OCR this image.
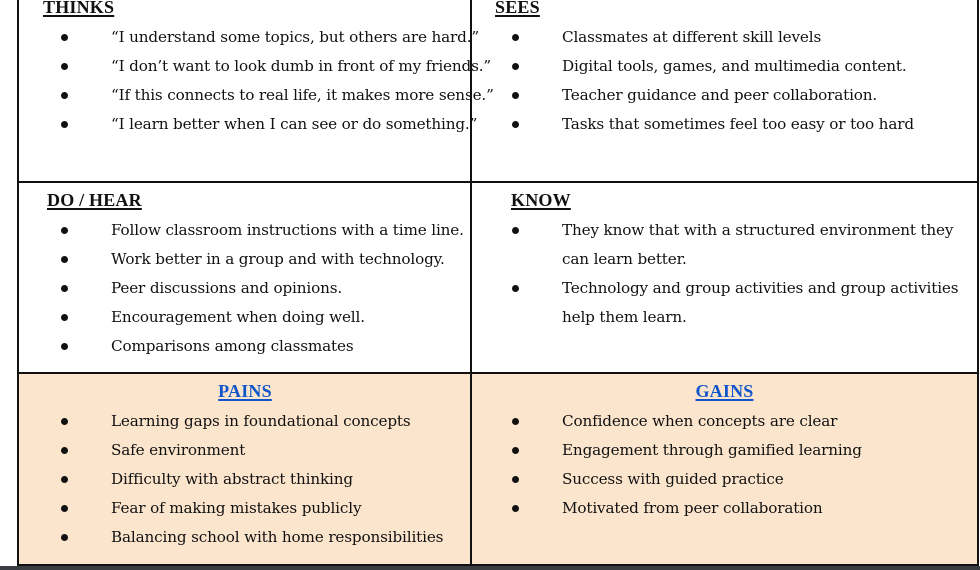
THINKS
“I understand some topics, but others are hard.”
“I don’t want to look dumb in front of my friends.”
“If this connects to real life, it makes more sense.”
“I learn better when I can see or do something.”
SEES
Classmates at different skill levels
Digital tools, games, and multimedia content.
Teacher guidance and peer collaboration.
Tasks that sometimes feel too easy or too hard
DO / HEAR
Follow classroom instructions with a time line.
Work better in a group and with technology.
Peer discussions and opinions.
Encouragement when doing well.
Comparisons among classmates
KNOW
They know that with a structured environment they can learn better.
Technology and group activities and group activities help them learn.
PAINS
Learning gaps in foundational concepts
Safe environment
Difficulty with abstract thinking
Fear of making mistakes publicly
Balancing school with home responsibilities
GAINS
Confidence when concepts are clear
Engagement through gamified learning
Success with guided practice
Motivated from peer collaboration
